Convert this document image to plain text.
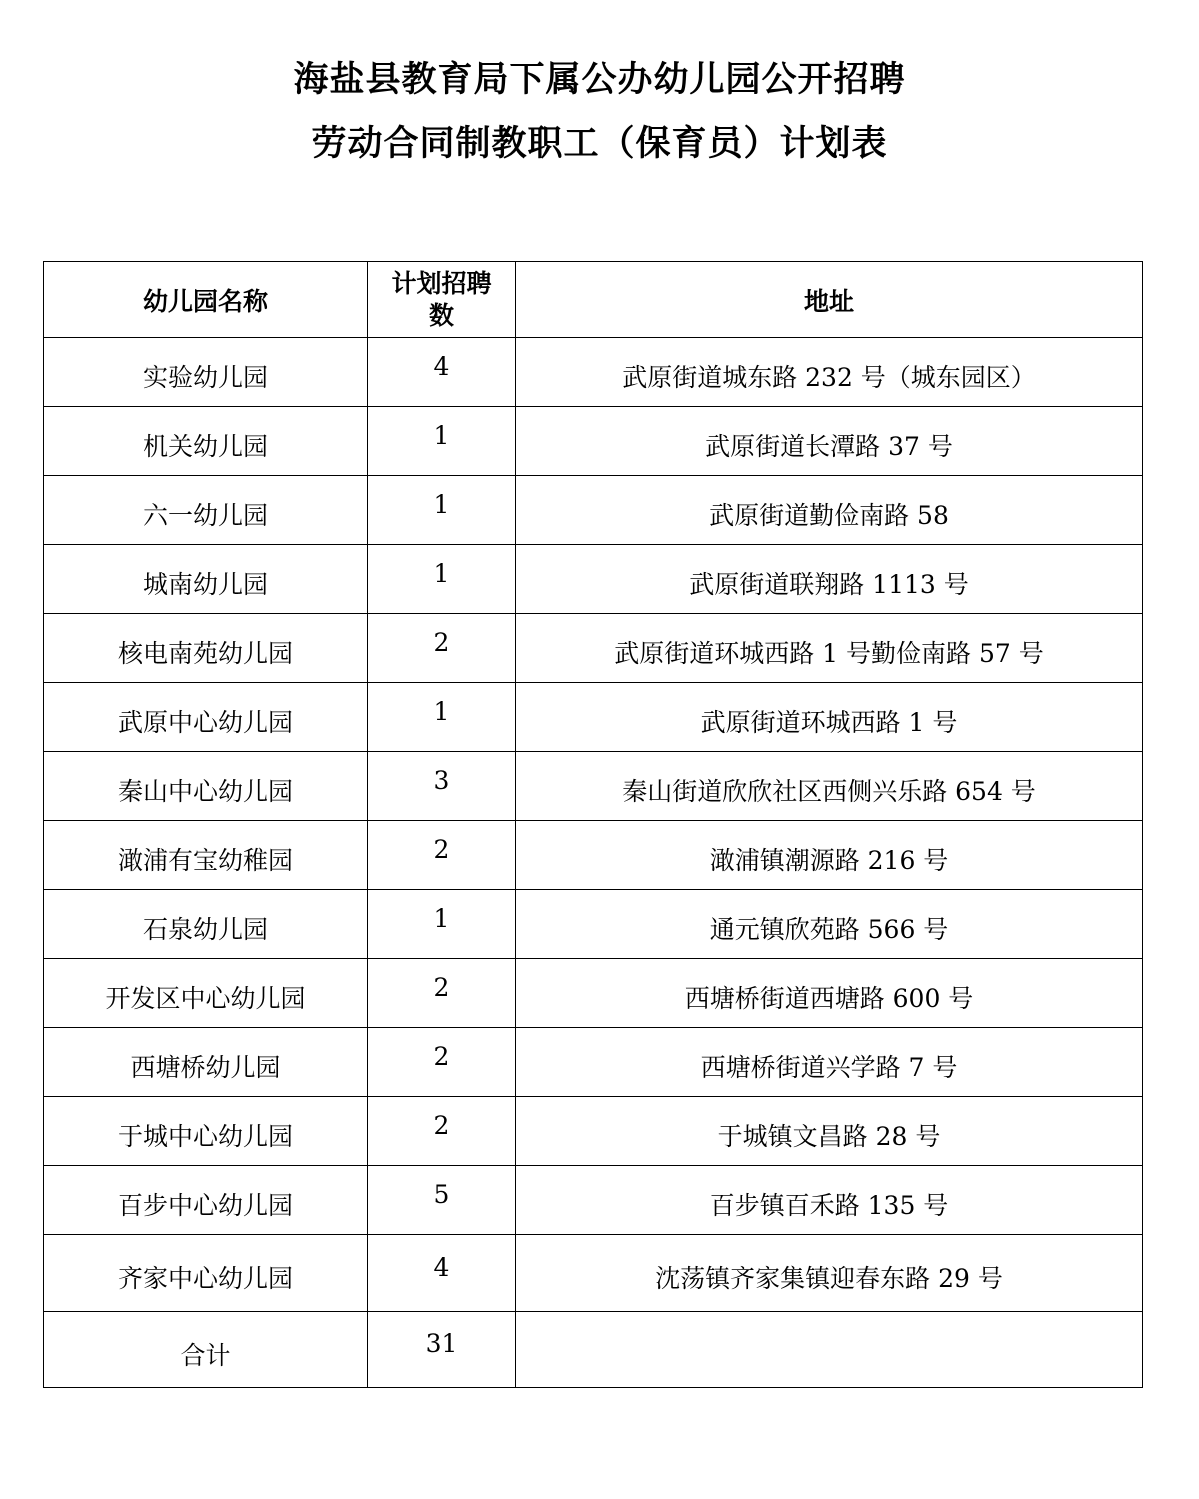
海盐县教育局下属公办幼儿园公开招聘
劳动合同制教职工（保育员）计划表
幼儿园名称	计划招聘数	地址
实验幼儿园	4	武原街道城东路 232 号（城东园区）
机关幼儿园	1	武原街道长潭路 37 号
六一幼儿园	1	武原街道勤俭南路 58
城南幼儿园	1	武原街道联翔路 1113 号
核电南苑幼儿园	2	武原街道环城西路 1 号勤俭南路 57 号
武原中心幼儿园	1	武原街道环城西路 1 号
秦山中心幼儿园	3	秦山街道欣欣社区西侧兴乐路 654 号
澉浦有宝幼稚园	2	澉浦镇潮源路 216 号
石泉幼儿园	1	通元镇欣苑路 566 号
开发区中心幼儿园	2	西塘桥街道西塘路 600 号
西塘桥幼儿园	2	西塘桥街道兴学路 7 号
于城中心幼儿园	2	于城镇文昌路 28 号
百步中心幼儿园	5	百步镇百禾路 135 号
齐家中心幼儿园	4	沈荡镇齐家集镇迎春东路 29 号
合计	31	
